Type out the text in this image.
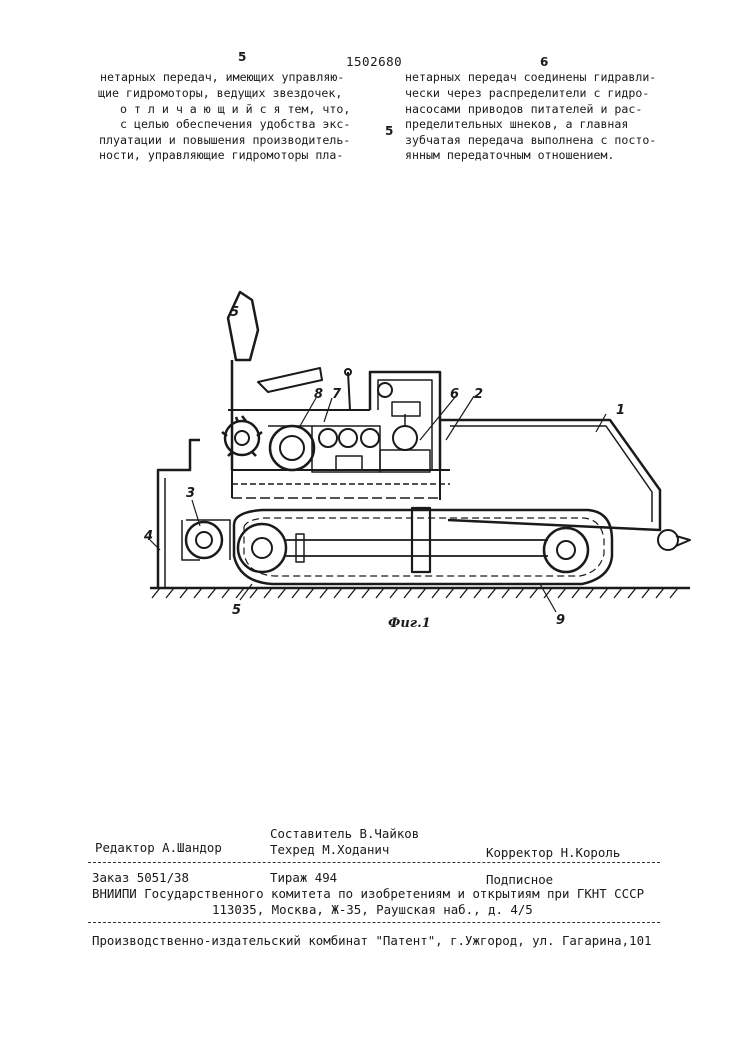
5	1502680	6
5
нетарных передач, имеющих управляю-
щие гидромоторы, ведущих звездочек,
о т л и ч а ю щ и й с я тем, что,
с целью обеспечения удобства экс-
плуатации и повышения производитель-
ности, управляющие гидромоторы пла-
нетарных передач соединены гидравли-
чески через распределители с гидро-
насосами приводов питателей и рас-
пределительных шнеков, а главная
зубчатая передача выполнена с посто-
янным передаточным отношением.
1
2
3
4
5
5
6
7
8
9
Фиг.1
Составитель В.Чайков
Редактор А.Шандор	Техред М.Ходанич	Корректор Н.Король
Заказ 5051/38	Тираж 494	Подписное
ВНИИПИ Государственного комитета по изобретениям и открытиям при ГКНТ СССР
113035, Москва, Ж-35, Раушская наб., д. 4/5
Производственно-издательский комбинат "Патент", г.Ужгород, ул. Гагарина,101
